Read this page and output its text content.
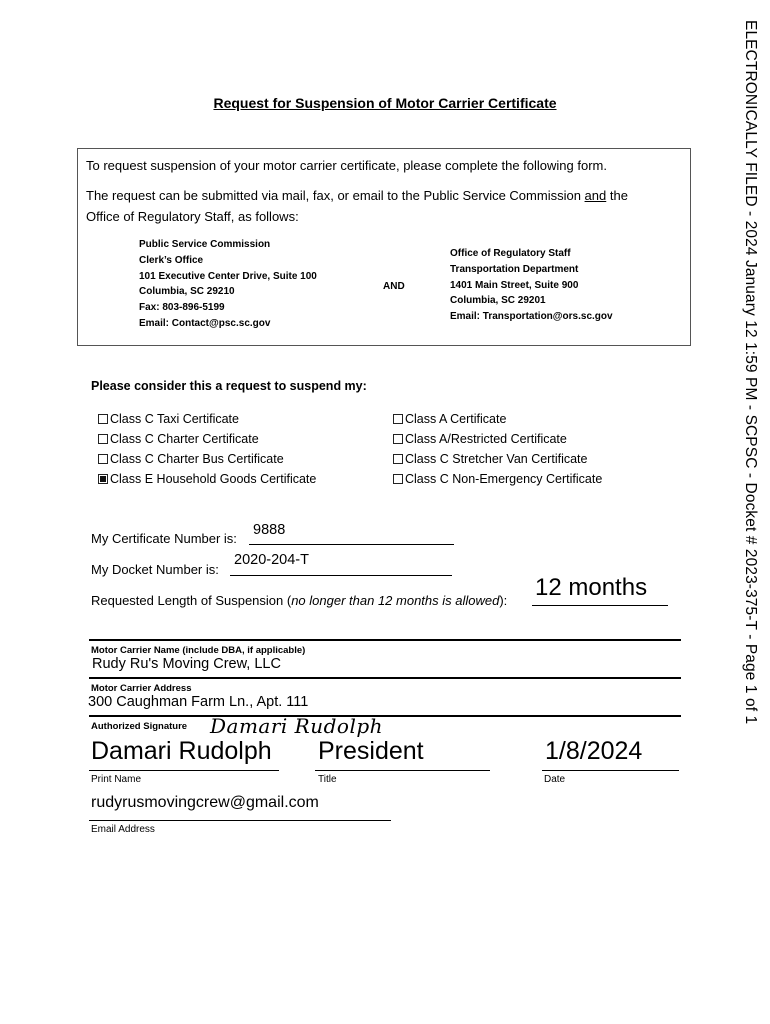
ELECTRONICALLY FILED - 2024 January 12 1:59 PM - SCPSC - Docket # 2023-375-T - Page 1 of 1
Request for Suspension of Motor Carrier Certificate
To request suspension of your motor carrier certificate, please complete the following form.
The request can be submitted via mail, fax, or email to the Public Service Commission and the
Office of Regulatory Staff, as follows:
Public Service Commission
Clerk’s Office
101 Executive Center Drive, Suite 100
Columbia, SC 29210
Fax: 803-896-5199
Email: Contact@psc.sc.gov
AND
Office of Regulatory Staff
Transportation Department
1401 Main Street, Suite 900
Columbia, SC 29201
Email: Transportation@ors.sc.gov
Please consider this a request to suspend my:
Class C Taxi Certificate
Class C Charter Certificate
Class C Charter Bus Certificate
Class E Household Goods Certificate
Class A Certificate
Class A/Restricted Certificate
Class C Stretcher Van Certificate
Class C Non-Emergency Certificate
My Certificate Number is:
9888
My Docket Number is:
2020-204-T
Requested Length of Suspension (no longer than 12 months is allowed): 12 months
Motor Carrier Name (include DBA, if applicable)
Rudy Ru's Moving Crew, LLC
Motor Carrier Address
300 Caughman Farm Ln., Apt. 111
Authorized Signature Damari Rudolph
Damari Rudolph
Print Name
President
Title
1/8/2024
Date
rudyrusmovingcrew@gmail.com
Email Address
